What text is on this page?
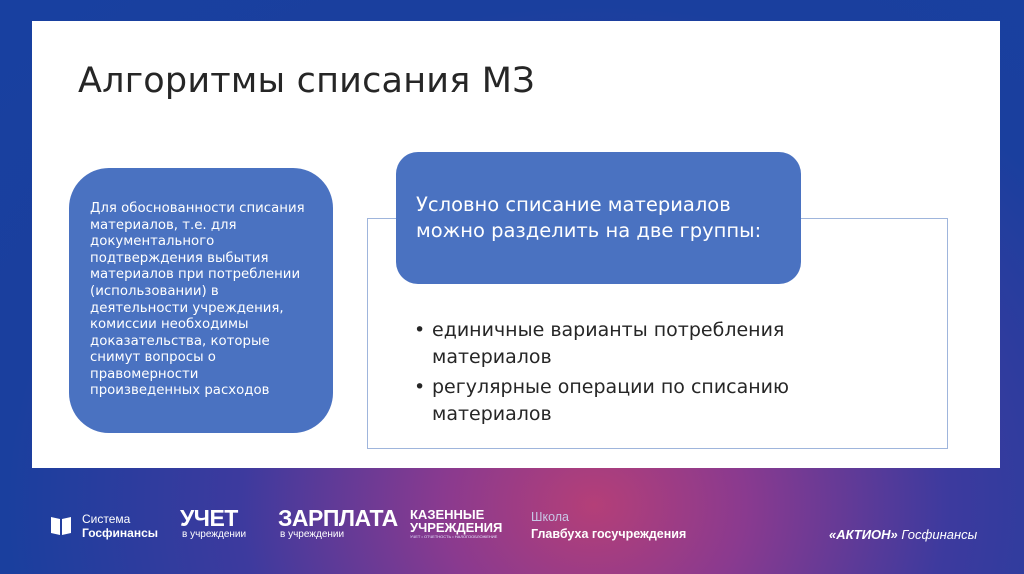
Алгоритмы списания МЗ
Для обоснованности списания материалов, т.е. для документального подтверждения выбытия материалов при потреблении (использовании) в деятельности учреждения, комиссии необходимы доказательства, которые снимут вопросы о правомерности произведенных расходов
Условно списание материалов можно разделить на две группы:
• единичные варианты потребления материалов
• регулярные операции по списанию материалов
Система
Госфинансы
УЧЕТ
в учреждении
ЗАРПЛАТА
в учреждении
КАЗЕННЫЕ
УЧРЕЖДЕНИЯ
УЧЕТ • ОТЧЕТНОСТЬ • НАЛОГООБЛОЖЕНИЕ
Школа
Главбуха госучреждения	«АКТИОН» Госфинансы
